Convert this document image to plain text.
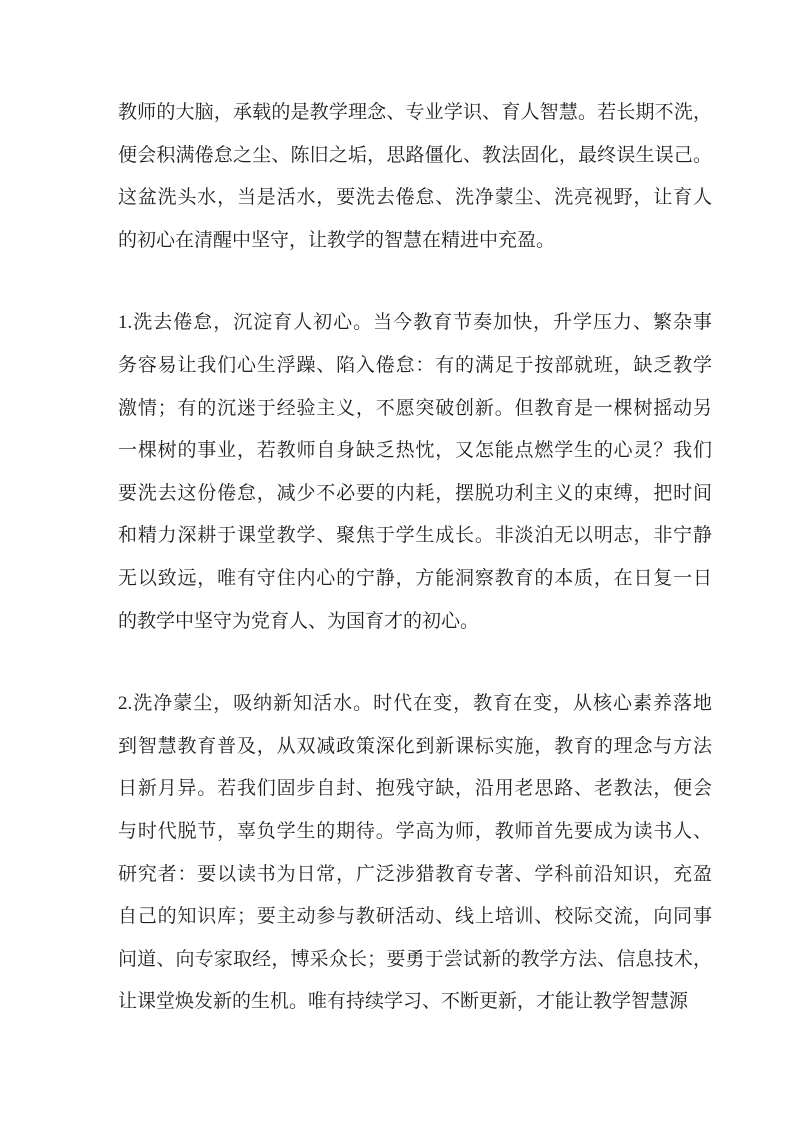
教师的大脑，承载的是教学理念、专业学识、育人智慧。若长期不洗，
便会积满倦怠之尘、陈旧之垢，思路僵化、教法固化，最终误生误己。
这盆洗头水，当是活水，要洗去倦怠、洗净蒙尘、洗亮视野，让育人
的初心在清醒中坚守，让教学的智慧在精进中充盈。

1.洗去倦怠，沉淀育人初心。当今教育节奏加快，升学压力、繁杂事
务容易让我们心生浮躁、陷入倦怠：有的满足于按部就班，缺乏教学
激情；有的沉迷于经验主义，不愿突破创新。但教育是一棵树摇动另
一棵树的事业，若教师自身缺乏热忱，又怎能点燃学生的心灵？我们
要洗去这份倦怠，减少不必要的内耗，摆脱功利主义的束缚，把时间
和精力深耕于课堂教学、聚焦于学生成长。非淡泊无以明志，非宁静
无以致远，唯有守住内心的宁静，方能洞察教育的本质，在日复一日
的教学中坚守为党育人、为国育才的初心。

2.洗净蒙尘，吸纳新知活水。时代在变，教育在变，从核心素养落地
到智慧教育普及，从双减政策深化到新课标实施，教育的理念与方法
日新月异。若我们固步自封、抱残守缺，沿用老思路、老教法，便会
与时代脱节，辜负学生的期待。学高为师，教师首先要成为读书人、
研究者：要以读书为日常，广泛涉猎教育专著、学科前沿知识，充盈
自己的知识库；要主动参与教研活动、线上培训、校际交流，向同事
问道、向专家取经，博采众长；要勇于尝试新的教学方法、信息技术，
让课堂焕发新的生机。唯有持续学习、不断更新，才能让教学智慧源
